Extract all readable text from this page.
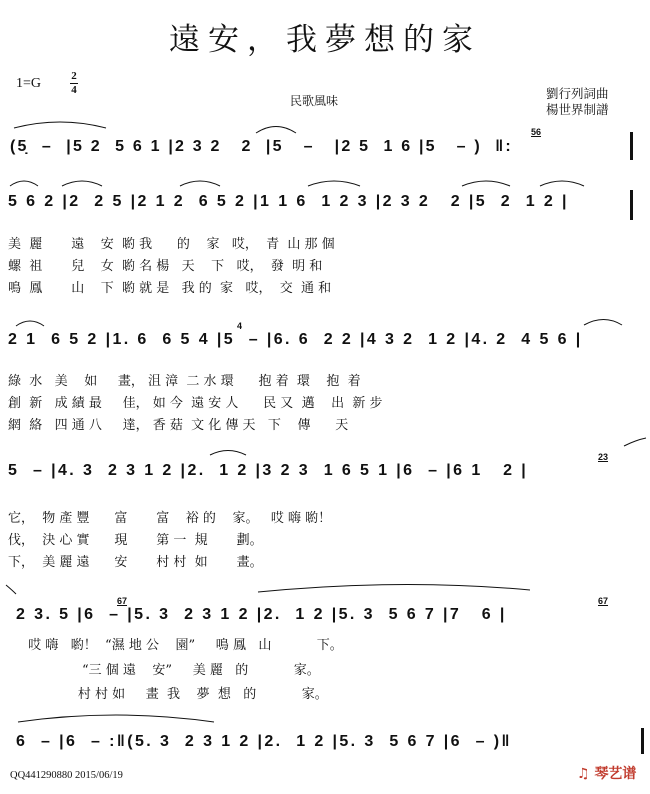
遠安，我夢想的家
1=G	2
4
民歌風味	劉行列詞曲
楊世界制譜
(5̣  –  |5 2  5 6 1 |2 3 2   2  |5   –   |2 5  1 6 |5   – )  ‖:
5 6 2 |2  2 5 |2 1 2  6 5 2 |1 1 6  1 2 3 |2 3 2   2 |5  2  1 2 |
美  麗       遠    安  喲 我      的    家   哎，  青  山 那 個
螺  祖       兒    女  喲 名 楊   天    下   哎，  發  明 和
鳴  鳳       山    下  喲 就 是   我 的  家   哎，  交  通 和
2 1  6 5 2 |1. 6  6 5 4 |5  – |6. 6  2 2 |4 3 2  1 2 |4. 2  4 5 6 |
綠  水   美    如     畫， 沮 漳  二 水 環      抱 着  環    抱  着
創  新   成 績 最     佳， 如 今  遠 安 人      民 又  邁    出  新 步
網  絡   四 通 八     達， 香 菇  文 化 傳 天   下    傳      天
5  – |4. 3  2 3 1 2 |2.  1 2 |3 2 3  1 6 5 1 |6  – |6 1   2 |
它，  物 產 豐      富       富    裕 的    家。   哎 嗨 喲！
伐，  決 心 實      現       第 一  規       劃。
下，  美 麗 遠      安       村 村  如       畫。
2 3. 5 |6  – |5. 3  2 3 1 2 |2.  1 2 |5. 3  5 6 7 |7   6 |
哎 嗨   喲！  “濕 地 公    園”     鳴 鳳   山           下。
“三 個 遠    安”     美 麗   的           家。
村 村 如     畫  我    夢  想   的           家。
6  – |6  – :‖(5. 3  2 3 1 2 |2.  1 2 |5. 3  5 6 7 |6  – )‖
56
4
23
67	67
QQ441290880 2015/06/19	♫ 琴艺谱
